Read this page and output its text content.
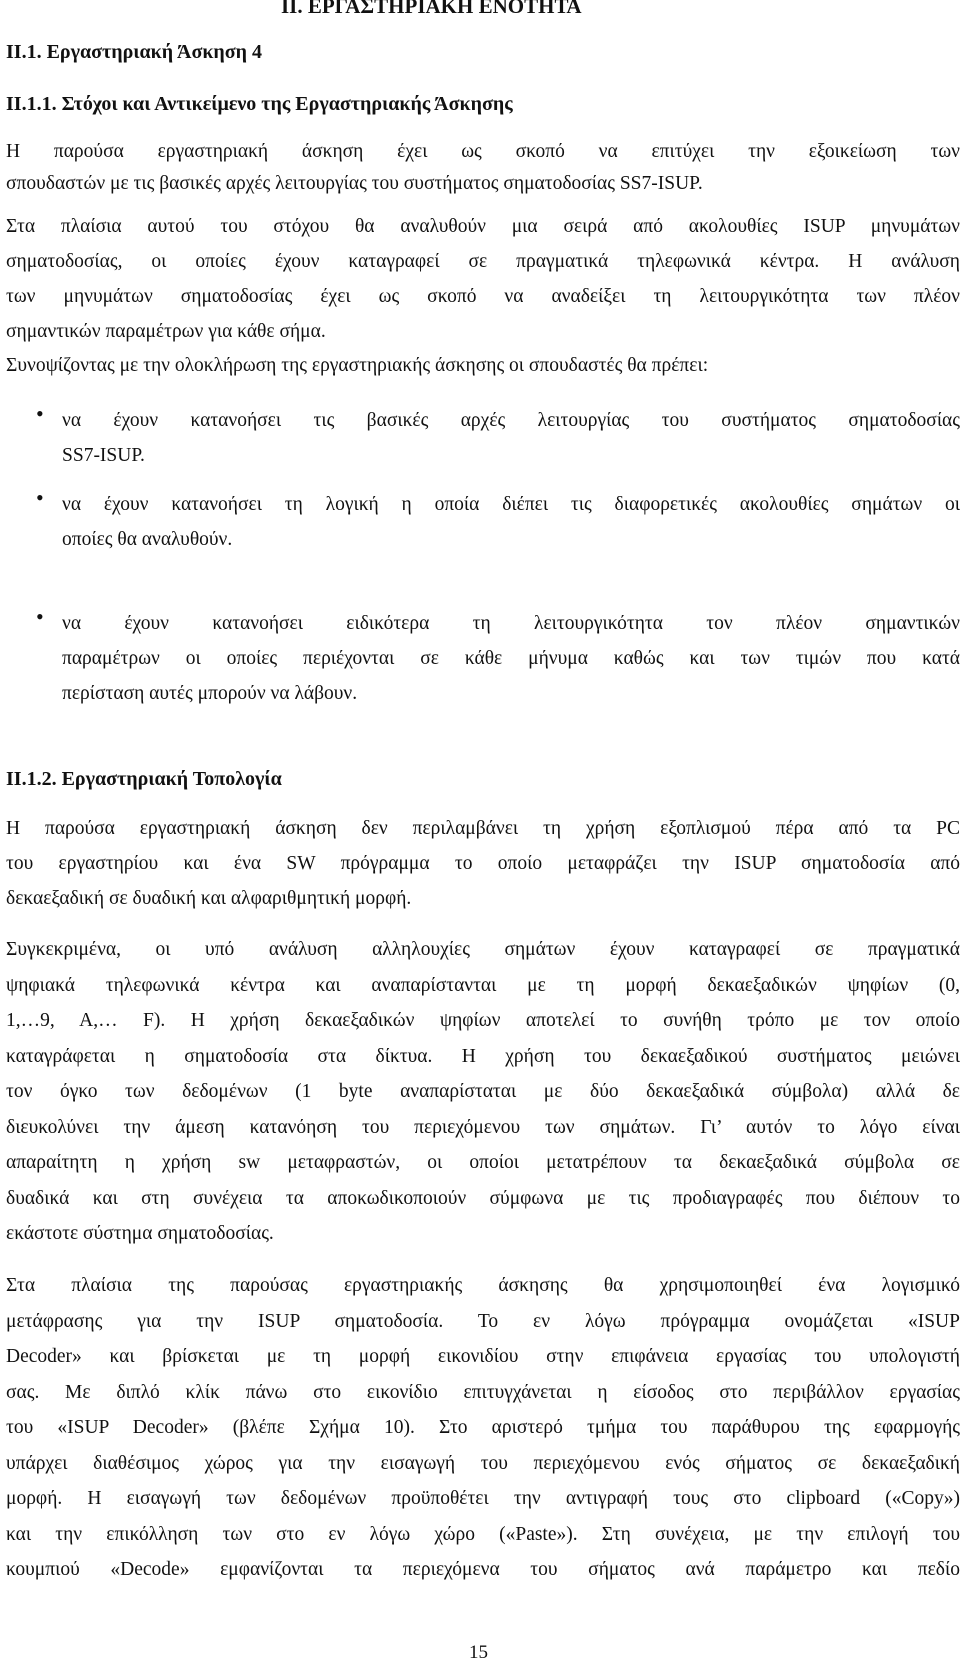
II. ΕΡΓΑΣΤΗΡΙΑΚΗ ΕΝΟΤΗΤΑ
ΙΙ.1. Εργαστηριακή Άσκηση 4
ΙΙ.1.1. Στόχοι και Αντικείμενο της Εργαστηριακής Άσκησης

Η παρούσα εργαστηριακή άσκηση έχει ως σκοπό να επιτύχει την εξοικείωση των
σπουδαστών με τις βασικές αρχές λειτουργίας του συστήματος σηματοδοσίας SS7-ISUP.

Στα πλαίσια αυτού του στόχου θα αναλυθούν μια σειρά από ακολουθίες ISUP μηνυμάτων
σηματοδοσίας, οι οποίες έχουν καταγραφεί σε πραγματικά τηλεφωνικά κέντρα. Η ανάλυση
των μηνυμάτων σηματοδοσίας έχει ως σκοπό να αναδείξει τη λειτουργικότητα των πλέον
σημαντικών παραμέτρων για κάθε σήμα.

Συνοψίζοντας με την ολοκλήρωση της εργαστηριακής άσκησης οι σπουδαστές θα πρέπει:

• να έχουν κατανοήσει τις βασικές αρχές λειτουργίας του συστήματος σηματοδοσίας
SS7-ISUP.

• να έχουν κατανοήσει τη λογική η οποία διέπει τις διαφορετικές ακολουθίες σημάτων οι
οποίες θα αναλυθούν.

• να έχουν κατανοήσει ειδικότερα τη λειτουργικότητα τον πλέον σημαντικών
παραμέτρων οι οποίες περιέχονται σε κάθε μήνυμα καθώς και των τιμών που κατά
περίσταση αυτές μπορούν να λάβουν.

ΙΙ.1.2. Εργαστηριακή Τοπολογία

Η παρούσα εργαστηριακή άσκηση δεν περιλαμβάνει τη χρήση εξοπλισμού πέρα από τα PC
του εργαστηρίου και ένα SW πρόγραμμα το οποίο μεταφράζει την ISUP σηματοδοσία από
δεκαεξαδική σε δυαδική και αλφαριθμητική μορφή.

Συγκεκριμένα, οι υπό ανάλυση αλληλουχίες σημάτων έχουν καταγραφεί σε πραγματικά
ψηφιακά τηλεφωνικά κέντρα και αναπαρίστανται με τη μορφή δεκαεξαδικών ψηφίων (0,
1,…9, Α,… F). Η χρήση δεκαεξαδικών ψηφίων αποτελεί το συνήθη τρόπο με τον οποίο
καταγράφεται η σηματοδοσία στα δίκτυα. Η χρήση του δεκαεξαδικού συστήματος μειώνει
τον όγκο των δεδομένων (1 byte αναπαρίσταται με δύο δεκαεξαδικά σύμβολα) αλλά δε
διευκολύνει την άμεση κατανόηση του περιεχόμενου των σημάτων. Γι’ αυτόν το λόγο είναι
απαραίτητη η χρήση sw μεταφραστών, οι οποίοι μετατρέπουν τα δεκαεξαδικά σύμβολα σε
δυαδικά και στη συνέχεια τα αποκωδικοποιούν σύμφωνα με τις προδιαγραφές που διέπουν το
εκάστοτε σύστημα σηματοδοσίας.

Στα πλαίσια της παρούσας εργαστηριακής άσκησης θα χρησιμοποιηθεί ένα λογισμικό
μετάφρασης για την ISUP σηματοδοσία. Το εν λόγω πρόγραμμα ονομάζεται «ISUP
Decoder» και βρίσκεται με τη μορφή εικονιδίου στην επιφάνεια εργασίας του υπολογιστή
σας. Με διπλό κλίκ πάνω στο εικονίδιο επιτυγχάνεται η είσοδος στο περιβάλλον εργασίας
του «ISUP Decoder» (βλέπε Σχήμα 10). Στο αριστερό τμήμα του παράθυρου της εφαρμογής
υπάρχει διαθέσιμος χώρος για την εισαγωγή του περιεχόμενου ενός σήματος σε δεκαεξαδική
μορφή. Η εισαγωγή των δεδομένων προϋποθέτει την αντιγραφή τους στο clipboard («Copy»)
και την επικόλληση των στο εν λόγω χώρο («Paste»). Στη συνέχεια, με την επιλογή του
κουμπιού «Decode» εμφανίζονται τα περιεχόμενα του σήματος ανά παράμετρο και πεδίο

15
